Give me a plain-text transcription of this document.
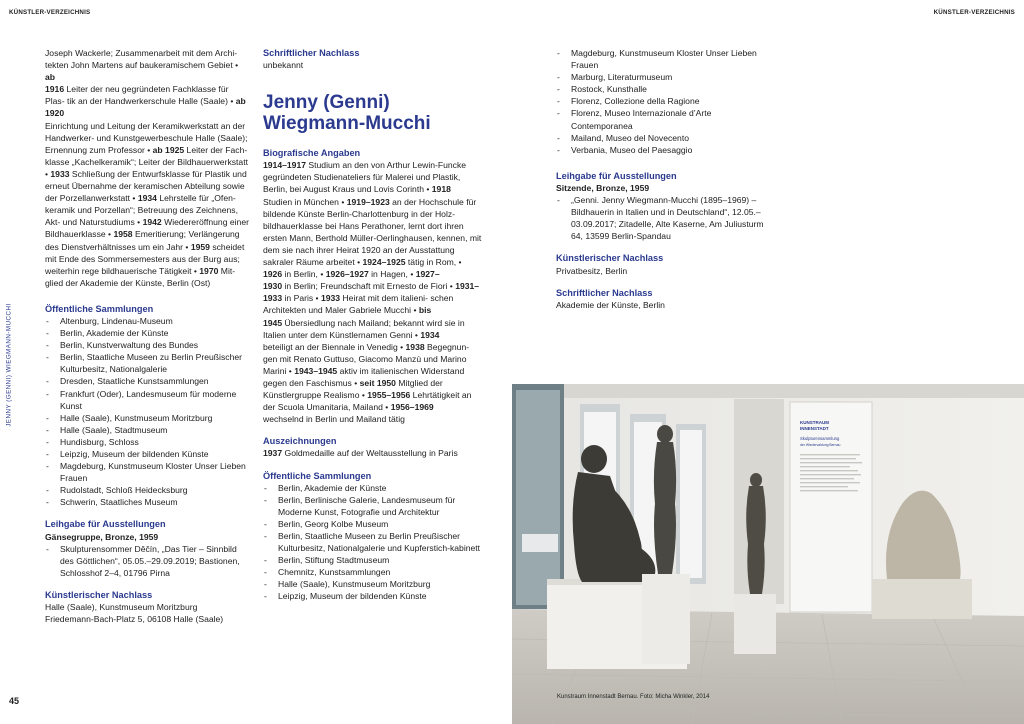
KÜNSTLER-VERZEICHNIS	KÜNSTLER-VERZEICHNIS
JENNY (GENNI) WIEGMANN-MUCCHI

Joseph Wackerle; Zusammenarbeit mit dem Archi- tekten John Martens auf baukeramischem Gebiet • ab
1916 Leiter der neu gegründeten Fachklasse für Plas- tik an der Handwerkerschule Halle (Saale) • ab 1920
Einrichtung und Leitung der Keramikwerkstatt an der Handwerker- und Kunstgewerbeschule Halle (Saale); Ernennung zum Professor • ab 1925 Leiter der Fach- klasse „Kachelkeramik“; Leiter der Bildhauerwerkstatt • 1933 Schließung der Entwurfsklasse für Plastik und erneut Übernahme der keramischen Abteilung sowie der Porzellanwerkstatt • 1934 Lehrstelle für „Ofen- keramik und Porzellan“; Betreuung des Zeichnens, Akt- und Naturstudiums • 1942 Wiedereröffnung einer Bildhauerklasse • 1958 Emeritierung; Verlängerung des Dienstverhältnisses um ein Jahr • 1959 scheidet mit Ende des Sommersemesters aus der Burg aus; weiterhin rege bildhauerische Tätigkeit • 1970 Mit- glied der Akademie der Künste, Berlin (Ost)

Öffentliche Sammlungen
- Altenburg, Lindenau-Museum
- Berlin, Akademie der Künste
- Berlin, Kunstverwaltung des Bundes
- Berlin, Staatliche Museen zu Berlin Preußischer Kulturbesitz, Nationalgalerie
- Dresden, Staatliche Kunstsammlungen
- Frankfurt (Oder), Landesmuseum für moderne Kunst
- Halle (Saale), Kunstmuseum Moritzburg
- Halle (Saale), Stadtmuseum
- Hundisburg, Schloss
- Leipzig, Museum der bildenden Künste
- Magdeburg, Kunstmuseum Kloster Unser Lieben Frauen
- Rudolstadt, Schloß Heidecksburg
- Schwerin, Staatliches Museum
Leihgabe für Ausstellungen

Gänsegruppe, Bronze, 1959

- Skulpturensommer Děčín, „Das Tier – Sinnbild des Göttlichen“, 05.05.–29.09.2019; Bastionen, Schlosshof 2–4, 01796 Pirna
Künstlerischer Nachlass

Halle (Saale), Kunstmuseum Moritzburg

Friedemann-Bach-Platz 5, 06108 Halle (Saale)

Schriftlicher Nachlass

unbekannt

Jenny (Genni)
Wiegmann-Mucchi
Biografische Angaben

1914–1917 Studium an den von Arthur Lewin-Funcke gegründeten Studienateliers für Malerei und Plastik, Berlin, bei August Kraus und Lovis Corinth • 1918
Studien in München • 1919–1923 an der Hochschule für bildende Künste Berlin-Charlottenburg in der Holz- bildhauerklasse bei Hans Perathoner, lernt dort ihren ersten Mann, Berthold Müller-Oerlinghausen, kennen, mit dem sie nach ihrer Heirat 1920 an der Ausstattung sakraler Räume arbeitet • 1924–1925 tätig in Rom, • 1926 in Berlin, • 1926–1927 in Hagen, • 1927–
1930 in Berlin; Freundschaft mit Ernesto de Fiori • 1931–1933 in Paris • 1933 Heirat mit dem italieni- schen Architekten und Maler Gabriele Mucchi • bis
1945 Übersiedlung nach Mailand; bekannt wird sie in Italien unter dem Künstlernamen Genni • 1934
beteiligt an der Biennale in Venedig • 1938 Begegnun- gen mit Renato Guttuso, Giacomo Manzù und Marino Marini • 1943–1945 aktiv im italienischen Widerstand gegen den Faschismus • seit 1950 Mitglied der Künstlergruppe Realismo • 1955–1956 Lehrtätigkeit an der Scuola Umanitaria, Mailand • 1956–1969
wechselnd in Berlin und Mailand tätig

Auszeichnungen

1937 Goldmedaille auf der Weltausstellung in Paris

Öffentliche Sammlungen
- Berlin, Akademie der Künste
- Berlin, Berlinische Galerie, Landesmuseum für Moderne Kunst, Fotografie und Architektur
- Berlin, Georg Kolbe Museum
- Berlin, Staatliche Museen zu Berlin Preußischer Kulturbesitz, Nationalgalerie und Kupferstich-kabinett
- Berlin, Stiftung Stadtmuseum
- Chemnitz, Kunstsammlungen
- Halle (Saale), Kunstmuseum Moritzburg
- Leipzig, Museum der bildenden Künste
- Magdeburg, Kunstmuseum Kloster Unser Lieben Frauen
- Marburg, Literaturmuseum
- Rostock, Kunsthalle
- Florenz, Collezione della Ragione
- Florenz, Museo Internazionale d’Arte Contemporanea
- Mailand, Museo del Novecento
- Verbania, Museo del Paesaggio
Leihgabe für Ausstellungen

Sitzende, Bronze, 1959

- „Genni. Jenny Wiegmann-Mucchi (1895–1969) – Bildhauerin in Italien und in Deutschland“, 12.05.–03.09.2017; Zitadelle, Alte Kaserne, Am Juliusturm 64, 13599 Berlin-Spandau
Künstlerischer Nachlass

Privatbesitz, Berlin

Schriftlicher Nachlass

Akademie der Künste, Berlin

KUNSTRAUM
INNENSTADT
Skulpturensammlung
der Wiedervaldung Bernau
Kunstraum Innenstadt Bernau. Foto: Micha Winkler, 2014
45
